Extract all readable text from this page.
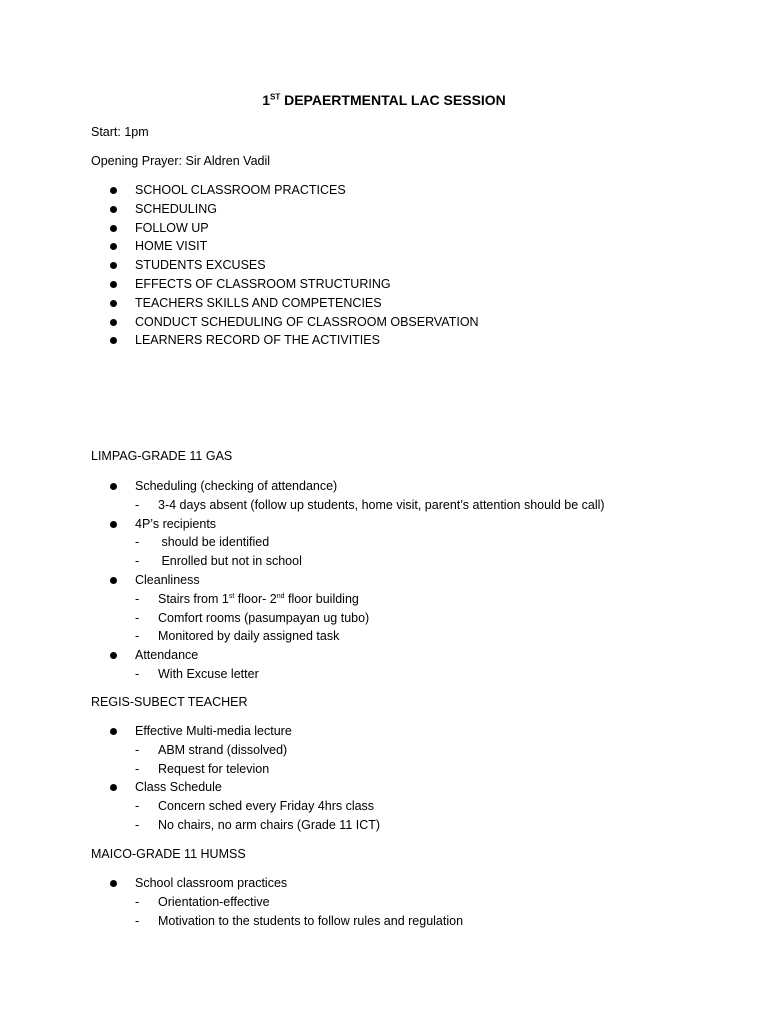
1ST DEPAERTMENTAL LAC SESSION
Start: 1pm
Opening Prayer: Sir Aldren Vadil
SCHOOL CLASSROOM PRACTICES
SCHEDULING
FOLLOW UP
HOME VISIT
STUDENTS EXCUSES
EFFECTS OF CLASSROOM STRUCTURING
TEACHERS SKILLS AND COMPETENCIES
CONDUCT SCHEDULING OF CLASSROOM OBSERVATION
LEARNERS RECORD OF THE ACTIVITIES
LIMPAG-GRADE 11 GAS
Scheduling (checking of attendance)
- 3-4 days absent (follow up students, home visit, parent’s attention should be call)
4P’s recipients
- should be identified
- Enrolled but not in school
Cleanliness
- Stairs from 1st floor- 2nd floor building
- Comfort rooms (pasumpayan ug tubo)
- Monitored by daily assigned task
Attendance
- With Excuse letter
REGIS-SUBECT TEACHER
Effective Multi-media lecture
- ABM strand (dissolved)
- Request for televion
Class Schedule
- Concern sched every Friday 4hrs class
- No chairs, no arm chairs (Grade 11 ICT)
MAICO-GRADE 11 HUMSS
School classroom practices
- Orientation-effective
- Motivation to the students to follow rules and regulation
